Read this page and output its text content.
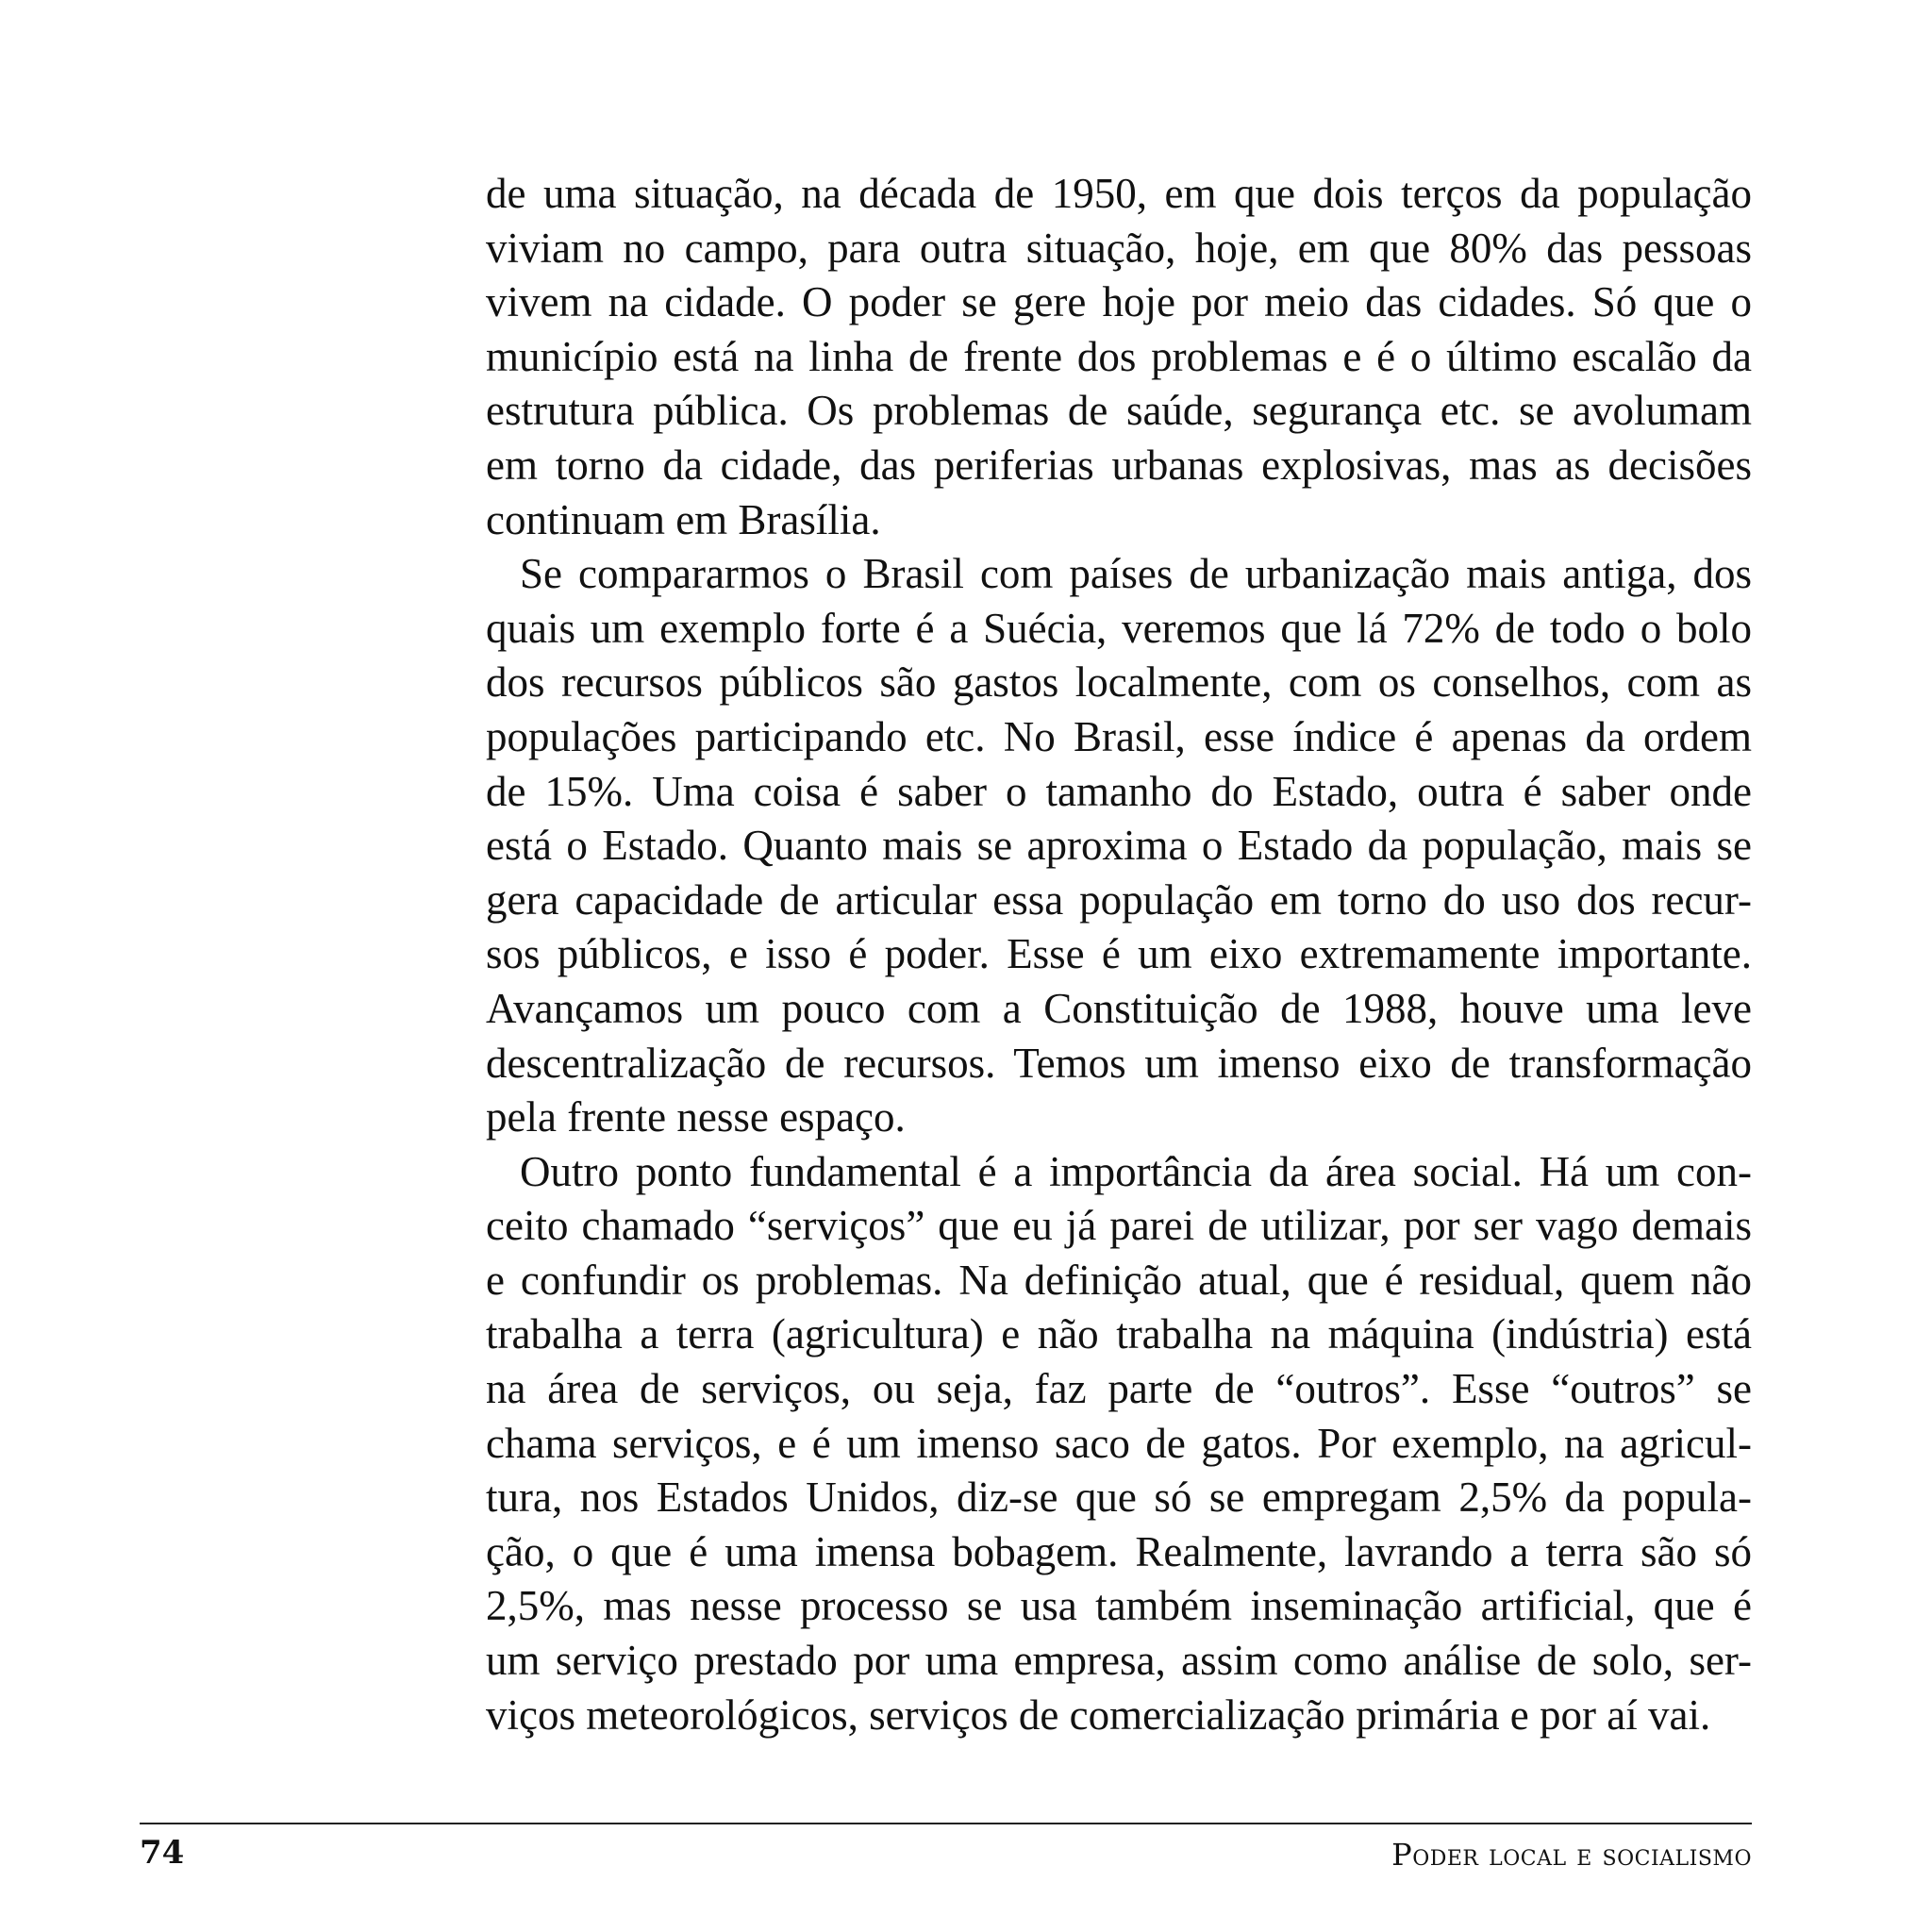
de uma situação, na década de 1950, em que dois terços da população
viviam no campo, para outra situação, hoje, em que 80% das pessoas
vivem na cidade. O poder se gere hoje por meio das cidades. Só que o
município está na linha de frente dos problemas e é o último escalão da
estrutura pública. Os problemas de saúde, segurança etc. se avolumam
em torno da cidade, das periferias urbanas explosivas, mas as decisões
continuam em Brasília.
Se compararmos o Brasil com países de urbanização mais antiga, dos
quais um exemplo forte é a Suécia, veremos que lá 72% de todo o bolo
dos recursos públicos são gastos localmente, com os conselhos, com as
populações participando etc. No Brasil, esse índice é apenas da ordem
de 15%. Uma coisa é saber o tamanho do Estado, outra é saber onde
está o Estado. Quanto mais se aproxima o Estado da população, mais se
gera capacidade de articular essa população em torno do uso dos recur-
sos públicos, e isso é poder. Esse é um eixo extremamente importante.
Avançamos um pouco com a Constituição de 1988, houve uma leve
descentralização de recursos. Temos um imenso eixo de transformação
pela frente nesse espaço.
Outro ponto fundamental é a importância da área social. Há um con-
ceito chamado “serviços” que eu já parei de utilizar, por ser vago demais
e confundir os problemas. Na definição atual, que é residual, quem não
trabalha a terra (agricultura) e não trabalha na máquina (indústria) está
na área de serviços, ou seja, faz parte de “outros”. Esse “outros” se
chama serviços, e é um imenso saco de gatos. Por exemplo, na agricul-
tura, nos Estados Unidos, diz-se que só se empregam 2,5% da popula-
ção, o que é uma imensa bobagem. Realmente, lavrando a terra são só
2,5%, mas nesse processo se usa também inseminação artificial, que é
um serviço prestado por uma empresa, assim como análise de solo, ser-
viços meteorológicos, serviços de comercialização primária e por aí vai.
74	Poder local e socialismo
